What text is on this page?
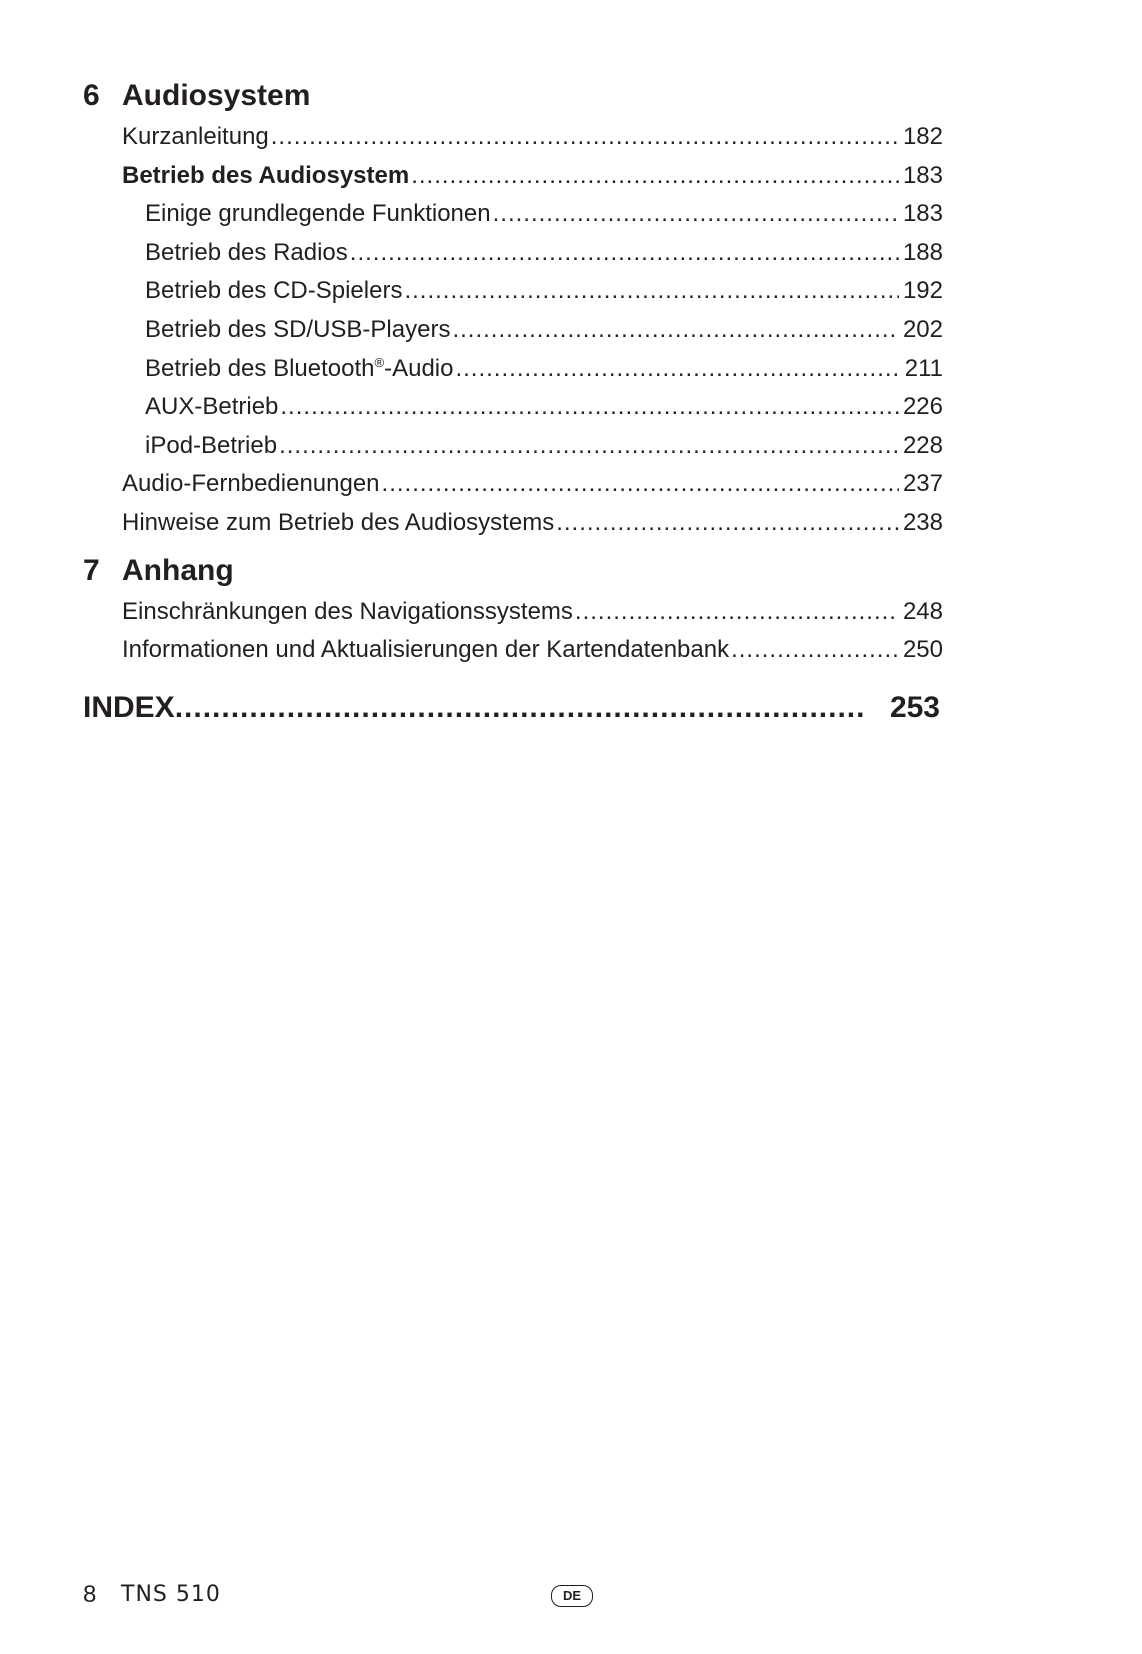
6 Audiosystem
Kurzanleitung .....	182
Betrieb des Audiosystem .....	183
Einige grundlegende Funktionen .....	183
Betrieb des Radios .....	188
Betrieb des CD-Spielers .....	192
Betrieb des SD/USB-Players .....	202
Betrieb des Bluetooth®-Audio .....	211
AUX-Betrieb .....	226
iPod-Betrieb .....	228
Audio-Fernbedienungen .....	237
Hinweise zum Betrieb des Audiosystems .....	238
7 Anhang
Einschränkungen des Navigationssystems .....	248
Informationen und Aktualisierungen der Kartendatenbank .....	250
INDEX .....	253
8 TNS 510	DE
